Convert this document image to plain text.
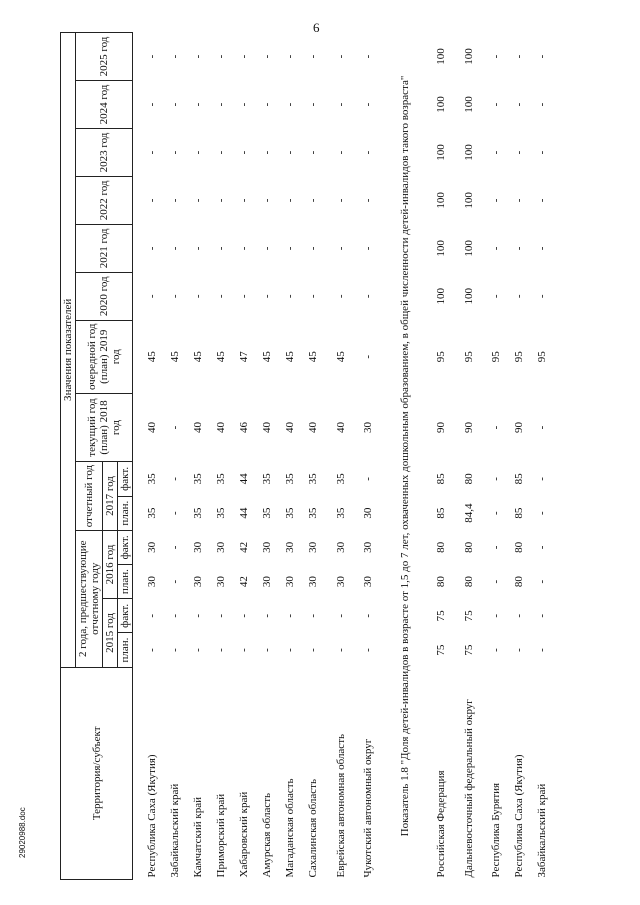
6
29020988.doc
Территория/субъект	Значения показателей													
	2 года, предшествующие отчетному году				отчетный год		текущий год (план) 2018 год	очередной год (план) 2019 год	2020 год	2021 год	2022 год	2023 год	2024 год	2025 год
	2015 год		2016 год		2017 год									
	план.	факт.	план.	факт.	план.	факт.								
Республика Саха (Якутия)	-	-	30	30	35	35	40	45	-	-	-	-	-	-
Забайкальский край	-	-	-	-	-	-	-	45	-	-	-	-	-	-
Камчатский край	-	-	30	30	35	35	40	45	-	-	-	-	-	-
Приморский край	-	-	30	30	35	35	40	45	-	-	-	-	-	-
Хабаровский край	-	-	42	42	44	44	46	47	-	-	-	-	-	-
Амурская область	-	-	30	30	35	35	40	45	-	-	-	-	-	-
Магаданская область	-	-	30	30	35	35	40	45	-	-	-	-	-	-
Сахалинская область	-	-	30	30	35	35	40	45	-	-	-	-	-	-
Еврейская автономная область	-	-	30	30	35	35	40	45	-	-	-	-	-	-
Чукотский автономный округ	-	-	30	30	30	-	30	-	-	-	-	-	-	-
Показатель 1.8 "Доля детей-инвалидов в возрасте от 1,5 до 7 лет, охваченных дошкольным образованием, в общей численности детей-инвалидов такого возраста"														
Российская Федерация	75	75	80	80	85	85	90	95	100	100	100	100	100	100
Дальневосточный федеральный округ	75	75	80	80	84,4	80	90	95	100	100	100	100	100	100
Республика Бурятия	-	-	-	-	-	-	-	95	-	-	-	-	-	-
Республика Саха (Якутия)	-	-	80	80	85	85	90	95	-	-	-	-	-	-
Забайкальский край	-	-	-	-	-	-	-	95	-	-	-	-	-	-
